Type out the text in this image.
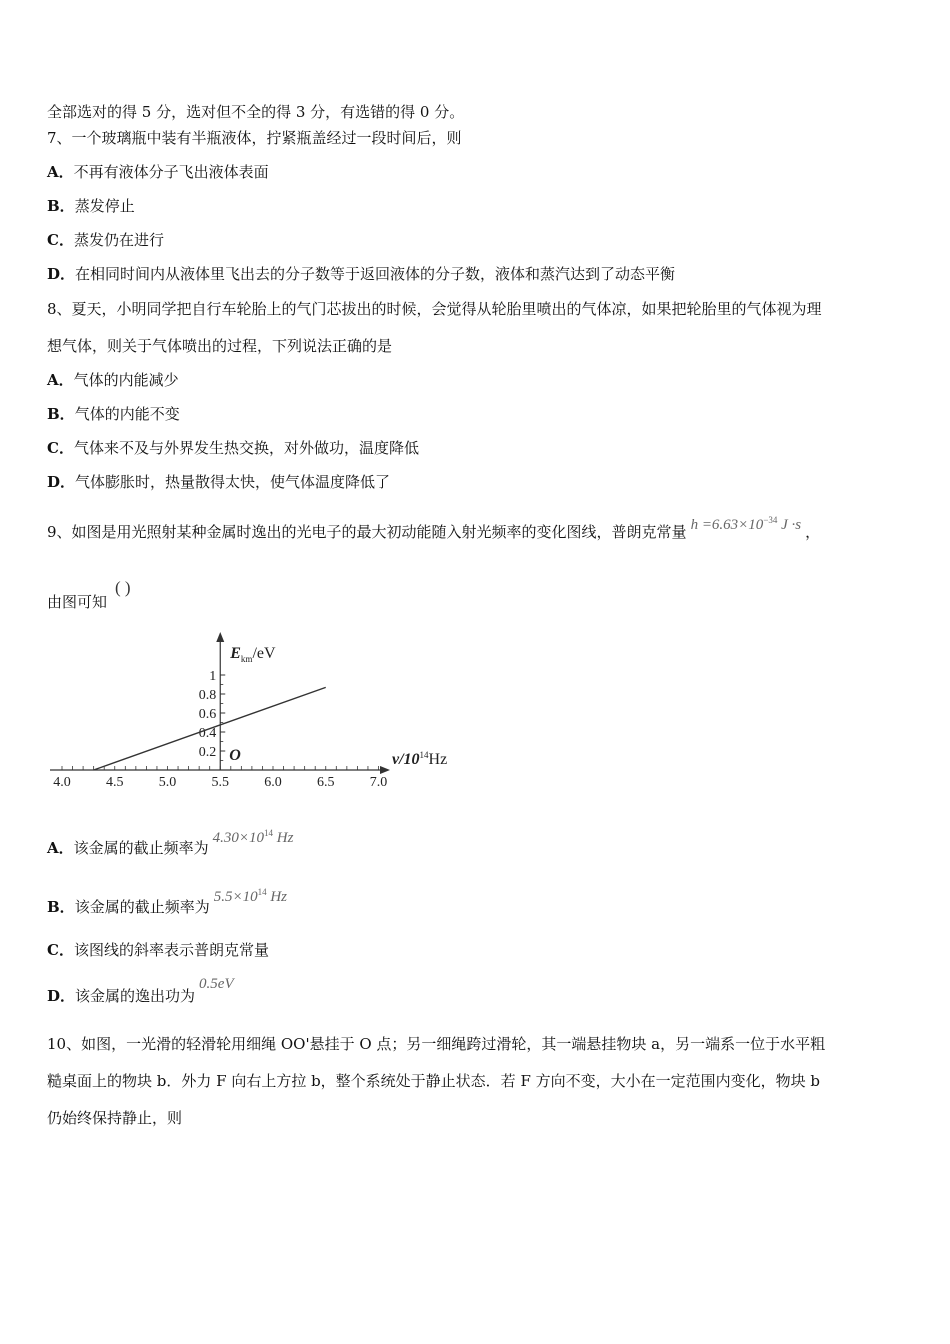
全部选对的得 5 分，选对但不全的得 3 分，有选错的得 0 分。
7、一个玻璃瓶中装有半瓶液体，拧紧瓶盖经过一段时间后，则
A．不再有液体分子飞出液体表面
B．蒸发停止
C．蒸发仍在进行
D．在相同时间内从液体里飞出去的分子数等于返回液体的分子数，液体和蒸汽达到了动态平衡
8、夏天，小明同学把自行车轮胎上的气门芯拔出的时候，会觉得从轮胎里喷出的气体凉，如果把轮胎里的气体视为理
想气体，则关于气体喷出的过程，下列说法正确的是
A．气体的内能减少
B．气体的内能不变
C．气体来不及与外界发生热交换，对外做功，温度降低
D．气体膨胀时，热量散得太快，使气体温度降低了
9、如图是用光照射某种金属时逸出的光电子的最大初动能随入射光频率的变化图线，普朗克常量 $h =6.63\times 10^{-34}$ J ·s ，
由图可知
( )
4.0	4.5	5.0	5.5	6.0	6.5	7.0
0.2
0.4
0.6
0.8
1
O
$E_{km}/eV$
$\nu/10^{14}Hz$
A．该金属的截止频率为$4.30\times 10^{14}$ Hz
B．该金属的截止频率为$5.5\times 10^{14}$ Hz
C．该图线的斜率表示普朗克常量
D．该金属的逸出功为0.5eV
10、如图，一光滑的轻滑轮用细绳 OO'悬挂于 O 点；另一细绳跨过滑轮，其一端悬挂物块 a，另一端系一位于水平粗
糙桌面上的物块 b．外力 F 向右上方拉 b，整个系统处于静止状态．若 F 方向不变，大小在一定范围内变化，物块 b
仍始终保持静止，则
